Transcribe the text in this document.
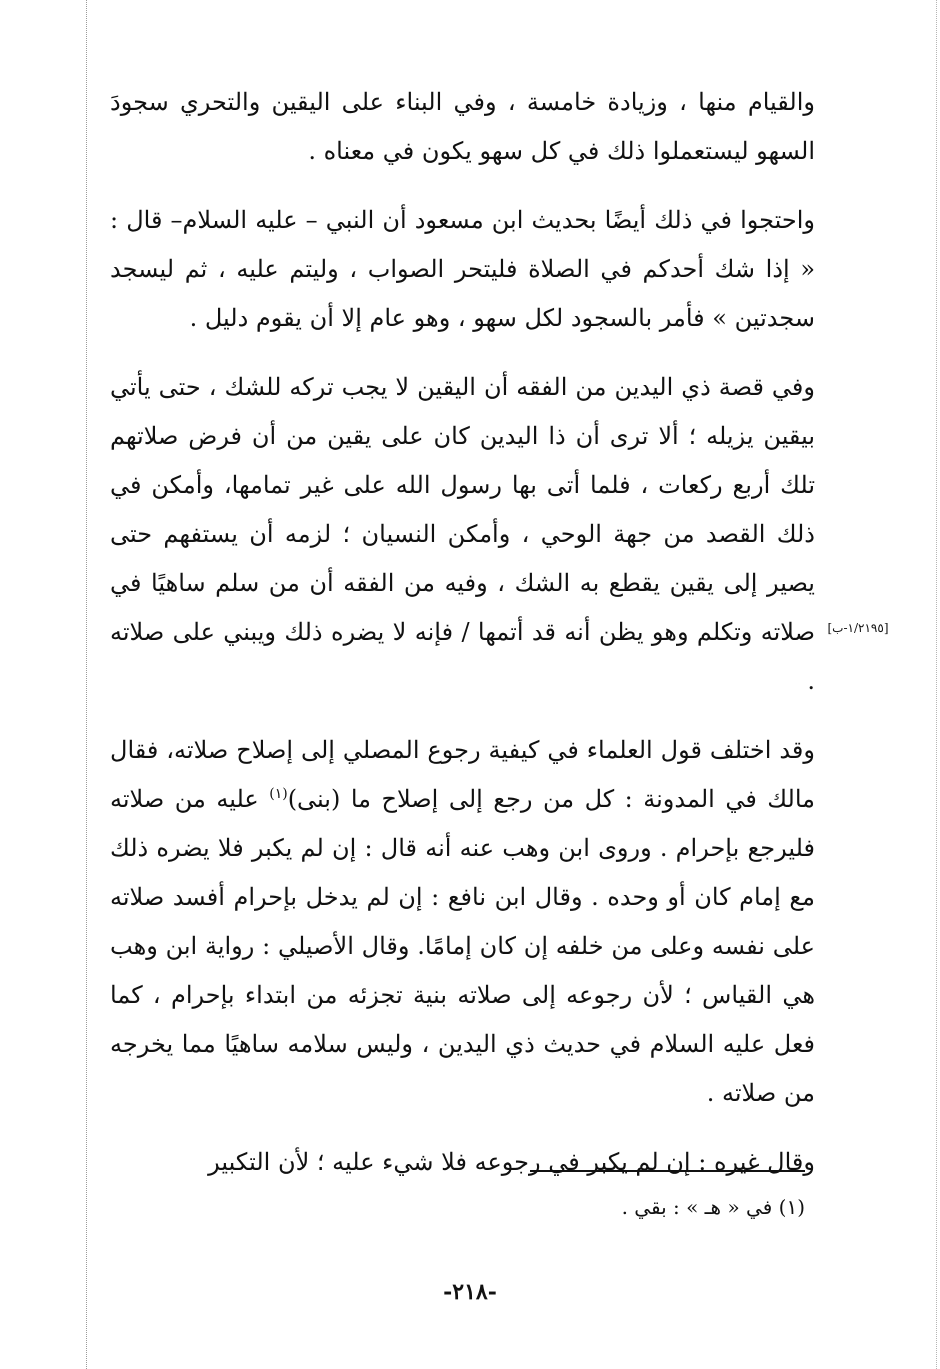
والقيام منها ، وزيادة خامسة ، وفي البناء على اليقين والتحري سجودَ السهو ليستعملوا ذلك في كل سهو يكون في معناه .

واحتجوا في ذلك أيضًا بحديث ابن مسعود أن النبي – عليه السلام– قال : « إذا شك أحدكم في الصلاة فليتحر الصواب ، وليتم عليه ، ثم ليسجد سجدتين » فأمر بالسجود لكل سهو ، وهو عام إلا أن يقوم دليل .

وفي قصة ذي اليدين من الفقه أن اليقين لا يجب تركه للشك ، حتى يأتي بيقين يزيله ؛ ألا ترى أن ذا اليدين كان على يقين من أن فرض صلاتهم تلك أربع ركعات ، فلما أتى بها رسول الله على غير تمامها، وأمكن في ذلك القصد من جهة الوحي ، وأمكن النسيان ؛ لزمه أن يستفهم حتى يصير إلى يقين يقطع به الشك ، وفيه من الفقه أن من سلم ساهيًا في صلاته وتكلم وهو يظن أنه قد أتمها / فإنه لا يضره ذلك ويبني على صلاته .

وقد اختلف قول العلماء في كيفية رجوع المصلي إلى إصلاح صلاته، فقال مالك في المدونة : كل من رجع إلى إصلاح ما (بنى)$^{(١)}$ عليه من صلاته فليرجع بإحرام . وروى ابن وهب عنه أنه قال : إن لم يكبر فلا يضره ذلك مع إمام كان أو وحده . وقال ابن نافع : إن لم يدخل بإحرام أفسد صلاته على نفسه وعلى من خلفه إن كان إمامًا. وقال الأصيلي : رواية ابن وهب هي القياس ؛ لأن رجوعه إلى صلاته بنية تجزئه من ابتداء بإحرام ، كما فعل عليه السلام في حديث ذي اليدين ، وليس سلامه ساهيًا مما يخرجه من صلاته .

وقال غيره : إن لم يكبر في رجوعه فلا شيء عليه ؛ لأن التكبير

[١/٢١٩٥-ب]
(١) في « هـ » : بقي .
-٢١٨-
